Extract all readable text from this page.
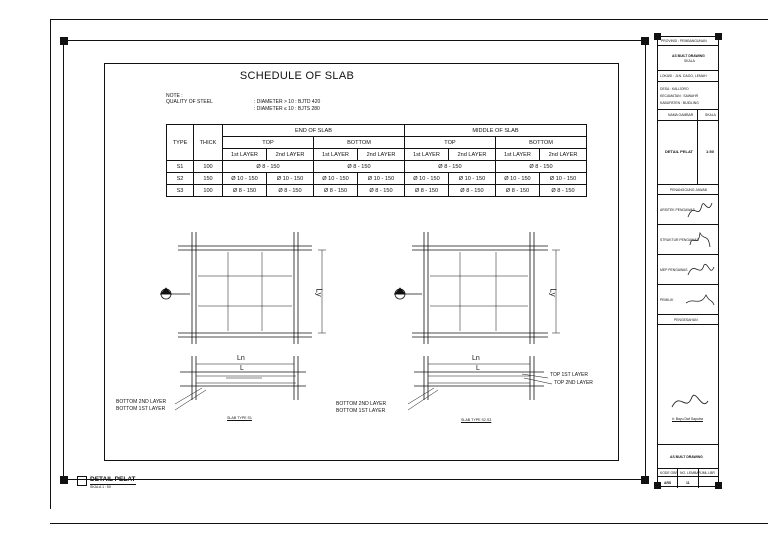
SCHEDULE OF SLAB
NOTE :
QUALITY OF STEEL	: DIAMETER > 10 : BJTD 420
: DIAMETER ≤ 10 : BJTS 280
TYPE	THICK	END OF SLAB				MIDDLE OF SLAB			
		TOP		BOTTOM		TOP		BOTTOM	
		1st LAYER	2nd LAYER	1st LAYER	2nd LAYER	1st LAYER	2nd LAYER	1st LAYER	2nd LAYER
S1	100	Ø 8 - 150		Ø 8 - 150		Ø 8 - 150		Ø 8 - 150	
S2	150	Ø 10 - 150	Ø 10 - 150	Ø 10 - 150	Ø 10 - 150	Ø 10 - 150	Ø 10 - 150	Ø 10 - 150	Ø 10 - 150
S3	100	Ø 8 - 150	Ø 8 - 150	Ø 8 - 150	Ø 8 - 150	Ø 8 - 150	Ø 8 - 150	Ø 8 - 150	Ø 8 - 150
Ly
Ln
L
BOTTOM 2ND LAYER
BOTTOM 1ST LAYER
SLAB TYPE S1
Ly
Ln
L
TOP 1ST LAYER
TOP 2ND LAYER
BOTTOM 2ND LAYER
BOTTOM 1ST LAYER
SLAB TYPE S2,S3
DETAIL PELAT
SKALA 1 : 50
PROVINSI : PEMBANGUNAN
AS BUILT DRAWING
SKALA
LOKASI : JLN. DAGO, LEMAH
DESA : KALIJORO
KECAMATAN : SAWAHR
KABUPATEN : BUIDLING
NAMA GAMBAR	SKALA
DETAIL PELAT	1:50
PENANGGUNG JAWAB
ARSITEK PENGAWAS
STRUKTUR PENGAWAS
MEP PENGAWAS
PEMILIK
PENGESAHAN
Ir. Bayu Dwi Saputra
AS BUILT DRAWING
KODE GBR NO. LEMBAR JML LBR
ARS	11
